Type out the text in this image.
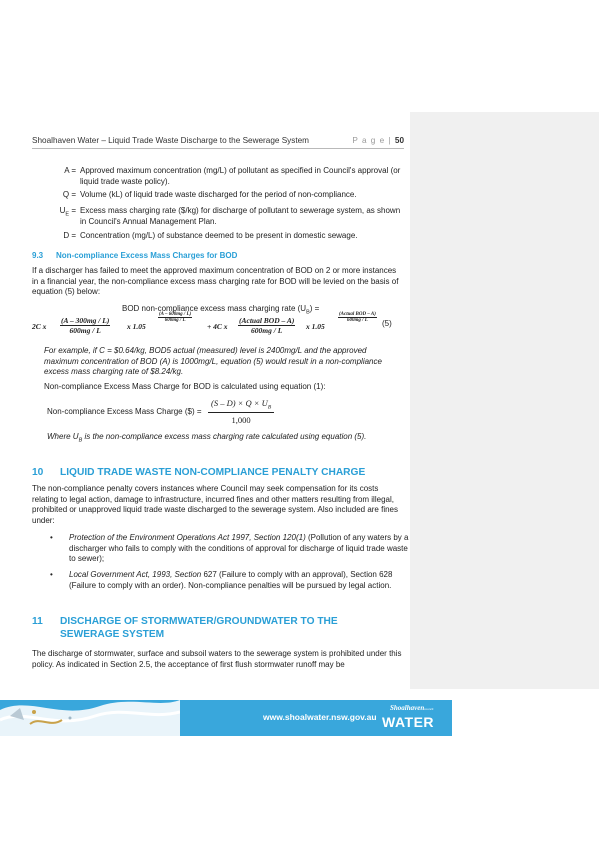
Shoalhaven Water – Liquid Trade Waste Discharge to the Sewerage System	P a g e | 50
A = Approved maximum concentration (mg/L) of pollutant as specified in Council's approval (or liquid trade waste policy).
Q = Volume (kL) of liquid trade waste discharged for the period of non-compliance.
$U_E$ = Excess mass charging rate ($/kg) for discharge of pollutant to sewerage system, as shown in Council's Annual Management Plan.
D = Concentration (mg/L) of substance deemed to be present in domestic sewage.
9.3 Non-compliance Excess Mass Charges for BOD
If a discharger has failed to meet the approved maximum concentration of BOD on 2 or more instances in a financial year, the non-compliance excess mass charging rate for BOD will be levied on the basis of equation (5) below:
BOD non-compliance excess mass charging rate $(U_B)$ =
2C x $\frac{(A - 300mg / L)}{600mg / L}$ x 1.05
$\frac{(A - 600mg / L)}{600mg / L}$
+ 4C x
(Actual BOD – A)
600mg / L	x 1.05
(Actual BOD – A)
600mg / L	(5)
For example, if C = $0.64/kg, BOD5 actual (measured) level is 2400mg/L and the approved maximum concentration of BOD (A) is 1000mg/L, equation (5) would result in a non-compliance excess mass charging rate of $8.24/kg.
Non-compliance Excess Mass Charge for BOD is calculated using equation (1):
Non-compliance Excess Mass Charge ($) =
$(S - D) \times Q \times U_B$
1,000
Where $U_B$ is the non-compliance excess mass charging rate calculated using equation (5).
10 LIQUID TRADE WASTE NON-COMPLIANCE PENALTY CHARGE
The non-compliance penalty covers instances where Council may seek compensation for its costs relating to legal action, damage to infrastructure, incurred fines and other matters resulting from illegal, prohibited or unapproved liquid trade waste discharged to the sewerage system. Also included are fines under:
• Protection of the Environment Operations Act 1997, Section 120(1) (Pollution of any waters by a discharger who fails to comply with the conditions of approval for discharge of liquid trade waste to sewer);
• Local Government Act, 1993, Section 627 (Failure to comply with an approval), Section 628 (Failure to comply with an order). Non-compliance penalties will be pursued by legal action.
11 DISCHARGE OF STORMWATER/GROUNDWATER TO THE SEWERAGE SYSTEM
The discharge of stormwater, surface and subsoil waters to the sewerage system is prohibited under this policy. As indicated in Section 2.5, the acceptance of first flush stormwater runoff may be
www.shoalwater.nsw.gov.au
Shoalhaven
WATER
council
